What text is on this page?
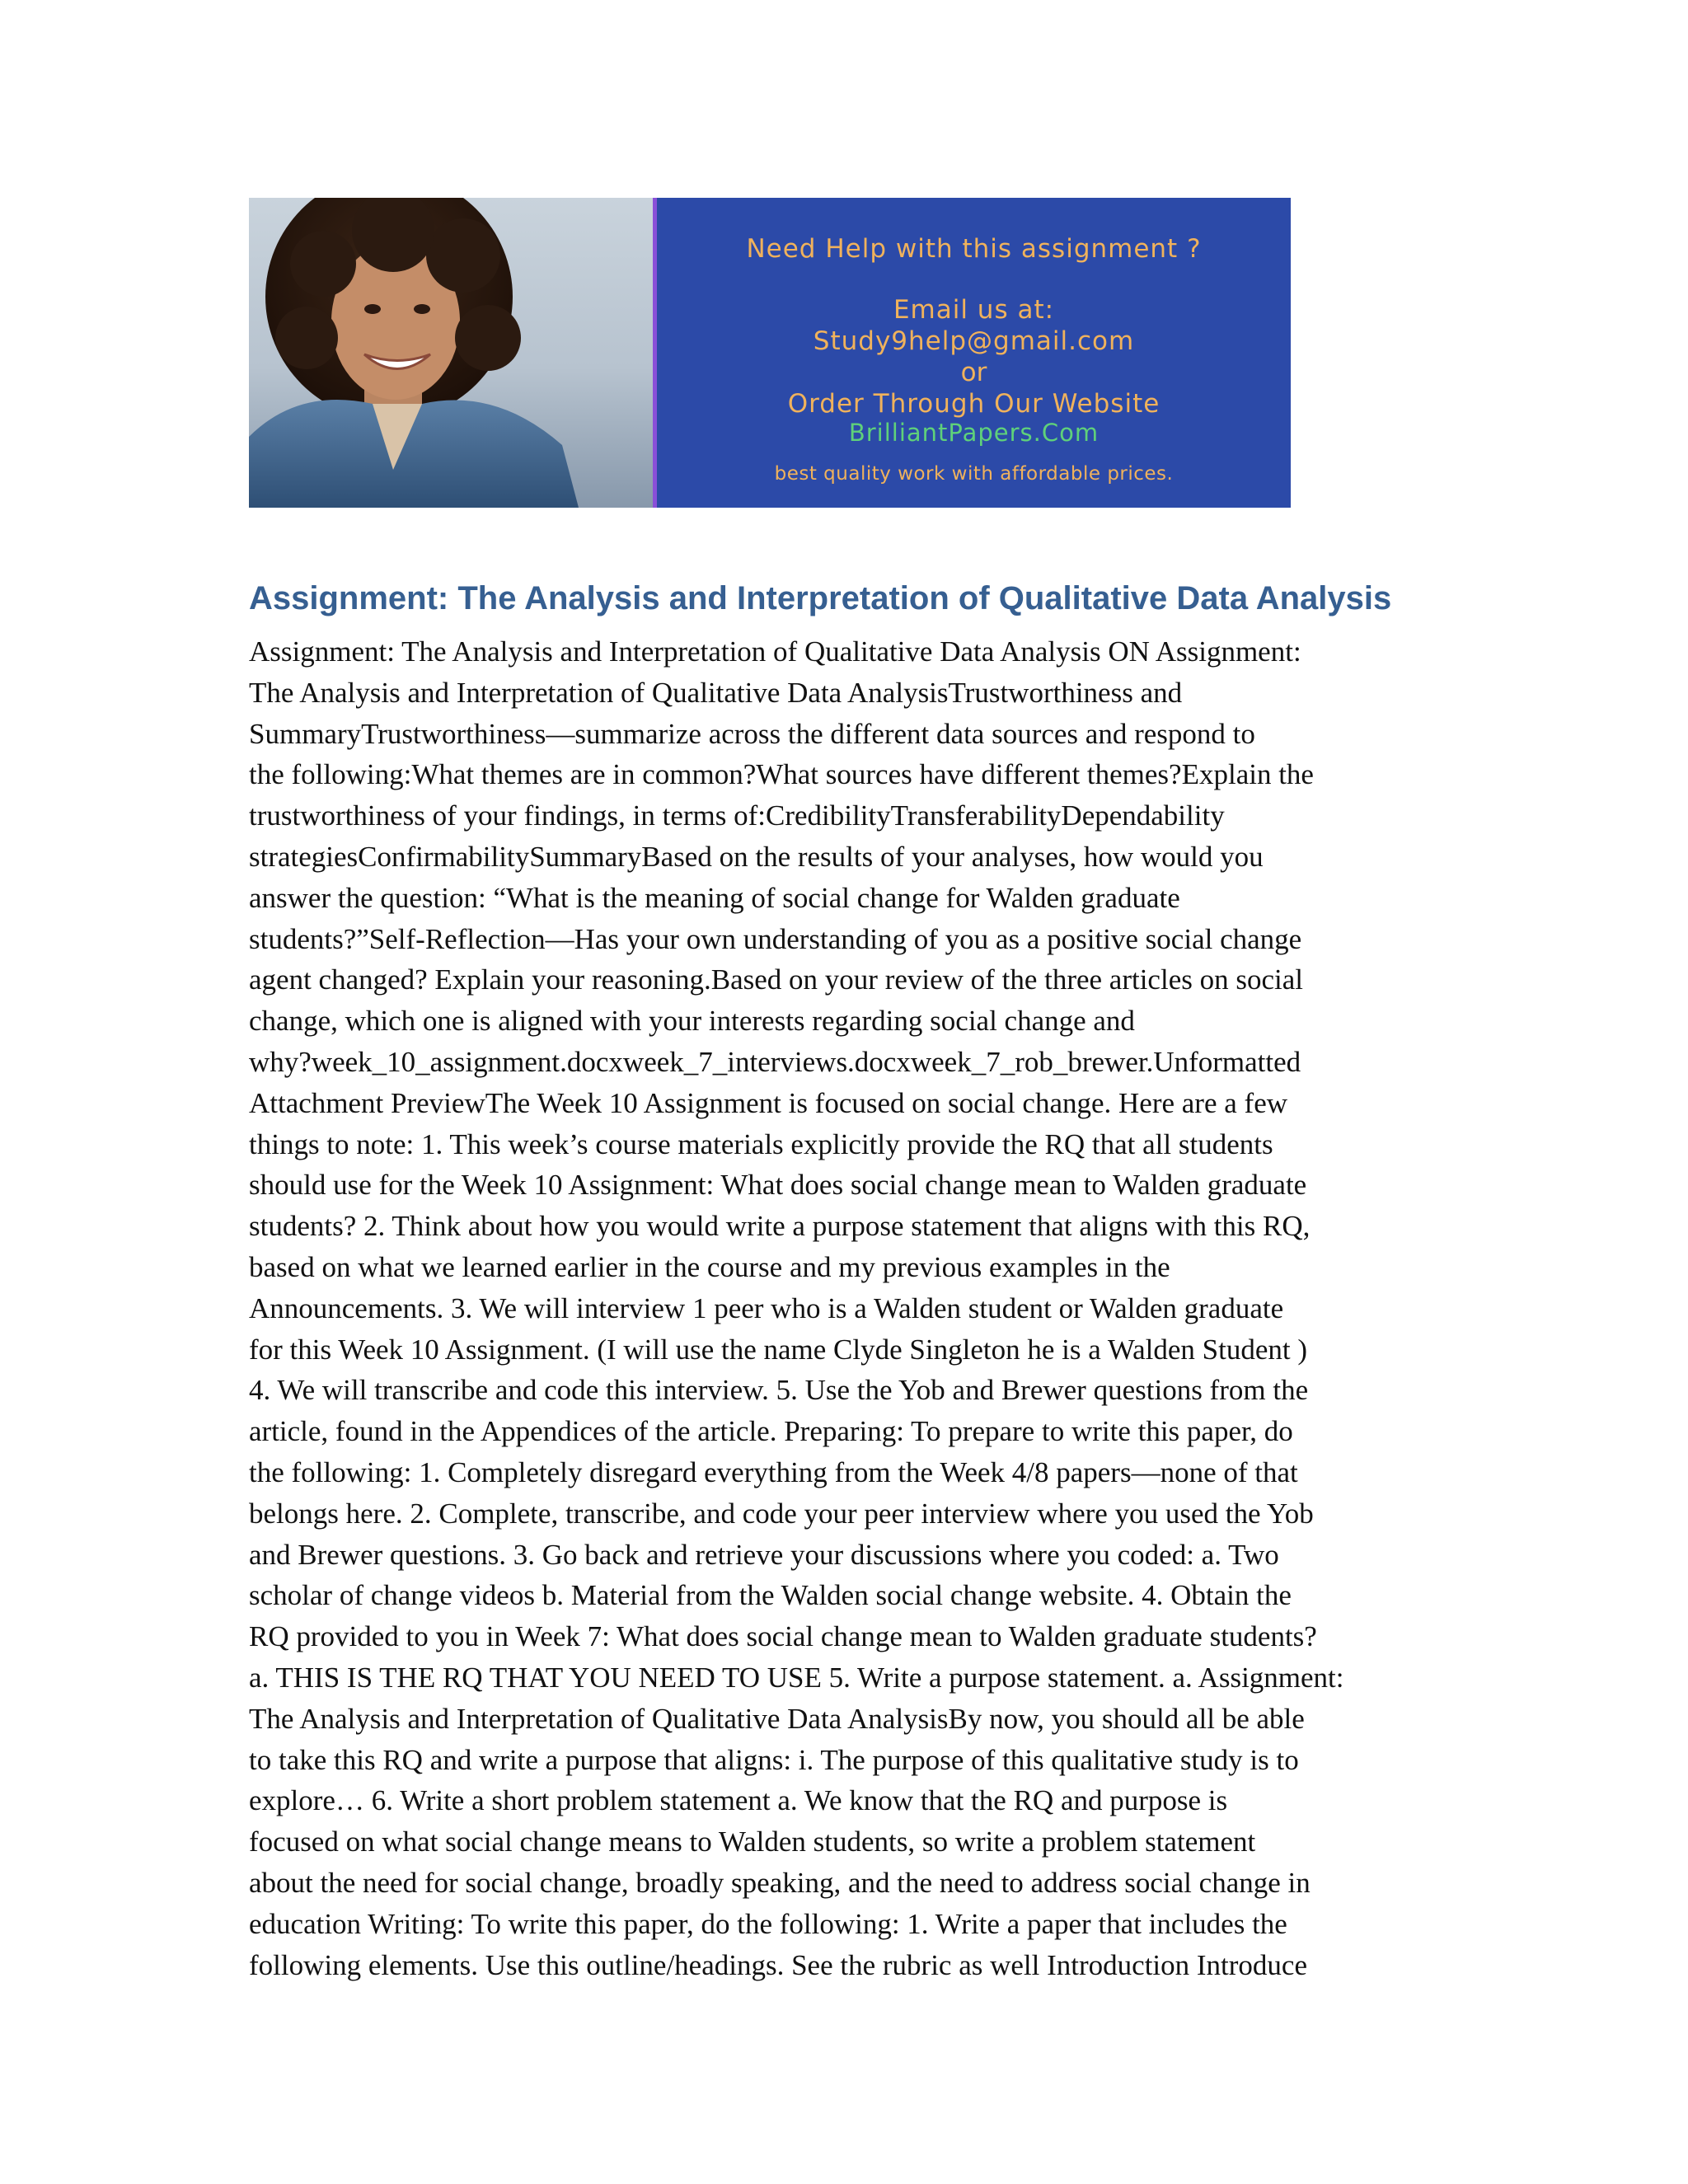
Need Help with this assignment ?
Email us at:
Study9help@gmail.com
or
Order Through Our Website
BrilliantPapers.Com
best quality work with affordable prices.
Assignment: The Analysis and Interpretation of Qualitative Data Analysis
Assignment: The Analysis and Interpretation of Qualitative Data Analysis ON Assignment:
The Analysis and Interpretation of Qualitative Data AnalysisTrustworthiness and
SummaryTrustworthiness—summarize across the different data sources and respond to
the following:What themes are in common?What sources have different themes?Explain the
trustworthiness of your findings, in terms of:CredibilityTransferabilityDependability
strategiesConfirmabilitySummaryBased on the results of your analyses, how would you
answer the question: “What is the meaning of social change for Walden graduate
students?”Self-Reflection—Has your own understanding of you as a positive social change
agent changed? Explain your reasoning.Based on your review of the three articles on social
change, which one is aligned with your interests regarding social change and
why?week_10_assignment.docxweek_7_interviews.docxweek_7_rob_brewer.Unformatted
Attachment PreviewThe Week 10 Assignment is focused on social change. Here are a few
things to note: 1. This week’s course materials explicitly provide the RQ that all students
should use for the Week 10 Assignment: What does social change mean to Walden graduate
students? 2. Think about how you would write a purpose statement that aligns with this RQ,
based on what we learned earlier in the course and my previous examples in the
Announcements. 3. We will interview 1 peer who is a Walden student or Walden graduate
for this Week 10 Assignment. (I will use the name Clyde Singleton he is a Walden Student )
4. We will transcribe and code this interview. 5. Use the Yob and Brewer questions from the
article, found in the Appendices of the article. Preparing: To prepare to write this paper, do
the following: 1. Completely disregard everything from the Week 4/8 papers—none of that
belongs here. 2. Complete, transcribe, and code your peer interview where you used the Yob
and Brewer questions. 3. Go back and retrieve your discussions where you coded: a. Two
scholar of change videos b. Material from the Walden social change website. 4. Obtain the
RQ provided to you in Week 7: What does social change mean to Walden graduate students?
a. THIS IS THE RQ THAT YOU NEED TO USE 5. Write a purpose statement. a. Assignment:
The Analysis and Interpretation of Qualitative Data AnalysisBy now, you should all be able
to take this RQ and write a purpose that aligns: i. The purpose of this qualitative study is to
explore… 6. Write a short problem statement a. We know that the RQ and purpose is
focused on what social change means to Walden students, so write a problem statement
about the need for social change, broadly speaking, and the need to address social change in
education Writing: To write this paper, do the following: 1. Write a paper that includes the
following elements. Use this outline/headings. See the rubric as well Introduction Introduce
